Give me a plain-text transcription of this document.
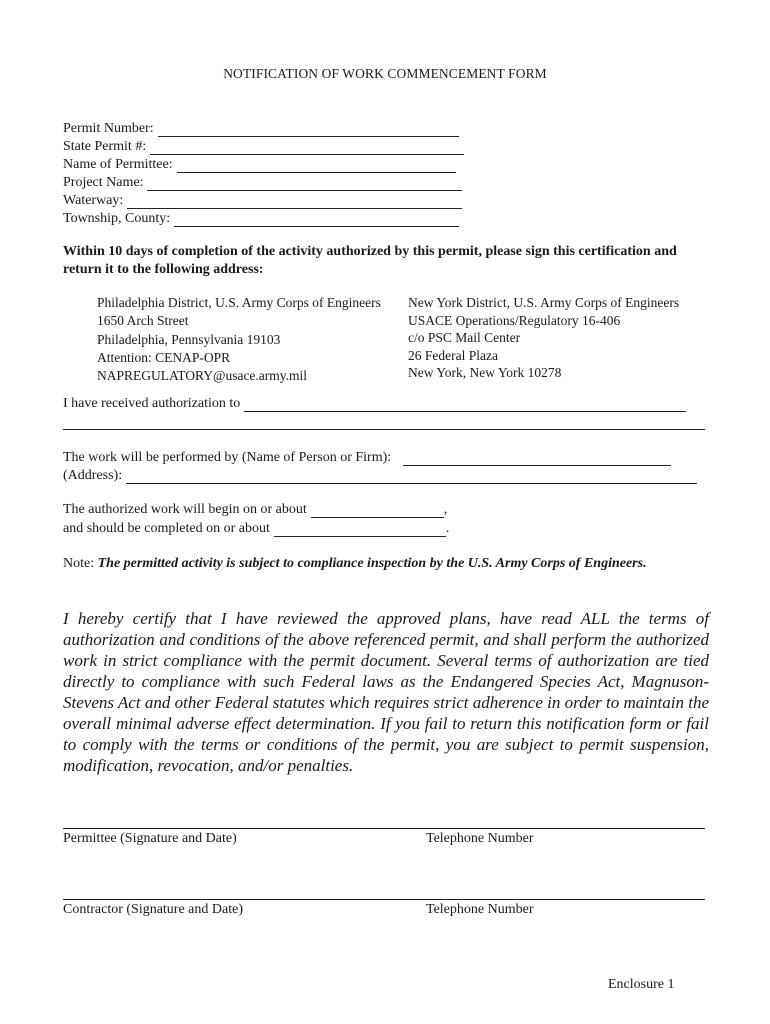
NOTIFICATION OF WORK COMMENCEMENT FORM
Permit Number:
State Permit #:
Name of Permittee:
Project Name:
Waterway:
Township, County:
Within 10 days of completion of the activity authorized by this permit, please sign this certification and return it to the following address:
Philadelphia District, U.S. Army Corps of Engineers
1650 Arch Street
Philadelphia, Pennsylvania 19103
Attention: CENAP-OPR
NAPREGULATORY@usace.army.mil
New York District, U.S. Army Corps of Engineers
USACE Operations/Regulatory 16-406
c/o PSC Mail Center
26 Federal Plaza
New York, New York 10278
I have received authorization to
The work will be performed by (Name of Person or Firm):
(Address):
The authorized work will begin on or about	,
and should be completed on or about	.
Note: The permitted activity is subject to compliance inspection by the U.S. Army Corps of Engineers.
I hereby certify that I have reviewed the approved plans, have read ALL the terms of authorization and conditions of the above referenced permit, and shall perform the authorized work in strict compliance with the permit document. Several terms of authorization are tied directly to compliance with such Federal laws as the Endangered Species Act, Magnuson-Stevens Act and other Federal statutes which requires strict adherence in order to maintain the overall minimal adverse effect determination. If you fail to return this notification form or fail to comply with the terms or conditions of the permit, you are subject to permit suspension, modification, revocation, and/or penalties.
Permittee (Signature and Date)	Telephone Number
Contractor (Signature and Date)	Telephone Number
Enclosure 1
